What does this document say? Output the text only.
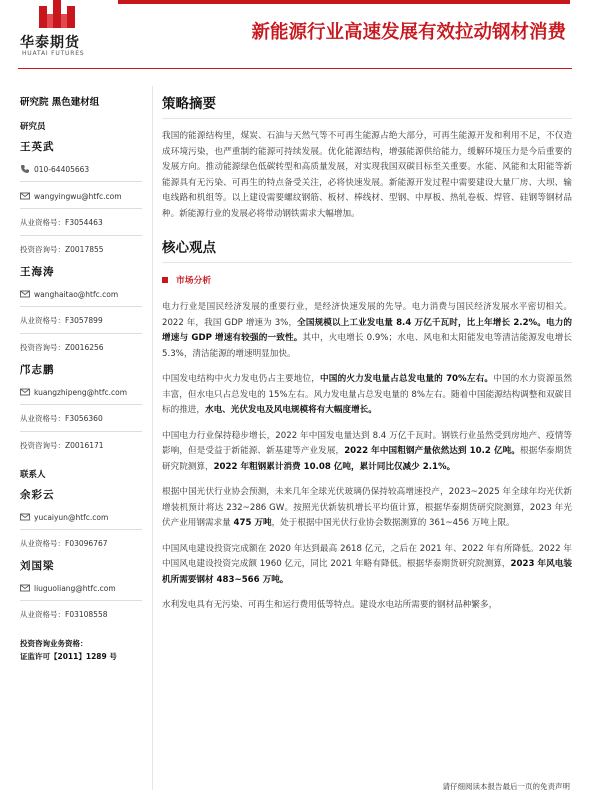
华泰期货
HUATAI FUTURES
新能源行业高速发展有效拉动钢材消费
研究院 黑色建材组
研究员
王英武
010-64405663
wangyingwu@htfc.com
从业资格号：F3054463
投资咨询号：Z0017855
王海涛
wanghaitao@htfc.com
从业资格号：F3057899
投资咨询号：Z0016256
邝志鹏
kuangzhipeng@htfc.com
从业资格号：F3056360
投资咨询号：Z0016171
联系人
余彩云
yucaiyun@htfc.com
从业资格号：F03096767
刘国梁
liuguoliang@htfc.com
从业资格号：F03108558
投资咨询业务资格：
证监许可【2011】1289 号
策略摘要

我国的能源结构里，煤炭、石油与天然气等不可再生能源占绝大部分，可再生能源开发和利用不足，不仅造成环境污染，也严重制约能源可持续发展。优化能源结构，增强能源供给能力，缓解环境压力是今后重要的发展方向。推动能源绿色低碳转型和高质量发展，对实现我国双碳目标至关重要。水能、风能和太阳能等新能源具有无污染、可再生的特点备受关注，必将快速发展。新能源开发过程中需要建设大量厂房、大坝、输电线路和机组等。以上建设需要螺纹钢筋、板材、棒线材、型钢、中厚板、热轧卷板、焊管、硅钢等钢材品种。新能源行业的发展必将带动钢铁需求大幅增加。

核心观点
市场分析

电力行业是国民经济发展的重要行业，是经济快速发展的先导。电力消费与国民经济发展水平密切相关。2022 年，我国 GDP 增速为 3%，全国规模以上工业发电量 8.4 万亿千瓦时，比上年增长 2.2%。电力的增速与 GDP 增速有较强的一致性。其中，火电增长 0.9%；水电、风电和太阳能发电等清洁能源发电增长 5.3%，清洁能源的增速明显加快。

中国发电结构中火力发电仍占主要地位，中国的火力发电量占总发电量的 70%左右。中国的水力资源虽然丰富，但水电只占总发电的 15%左右。风力发电量占总发电量的 8%左右。随着中国能源结构调整和双碳目标的推进，水电、光伏发电及风电规模将有大幅度增长。

中国电力行业保持稳步增长，2022 年中国发电量达到 8.4 万亿千瓦时。钢铁行业虽然受到房地产、疫情等影响，但是受益于新能源、新基建等产业发展，2022 年中国粗钢产量依然达到 10.2 亿吨。根据华泰期货研究院测算，2022 年粗钢累计消费 10.08 亿吨，累计同比仅减少 2.1%。

根据中国光伏行业协会预测，未来几年全球光伏玻璃仍保持较高增速投产，2023~2025 年全球年均光伏新增装机预计将达 232~286 GW。按照光伏新装机增长平均值计算，根据华泰期货研究院测算，2023 年光伏产业用钢需求量 475 万吨，处于根据中国光伏行业协会数据测算的 361~456 万吨上限。

中国风电建设投资完成额在 2020 年达到最高 2618 亿元，之后在 2021 年、2022 年有所降低。2022 年中国风电建设投资完成额 1960 亿元，同比 2021 年略有降低。根据华泰期货研究院测算，2023 年风电装机所需要钢材 483~566 万吨。

水利发电具有无污染、可再生和运行费用低等特点。建设水电站所需要的钢材品种繁多，

请仔细阅读本报告最后一页的免责声明
